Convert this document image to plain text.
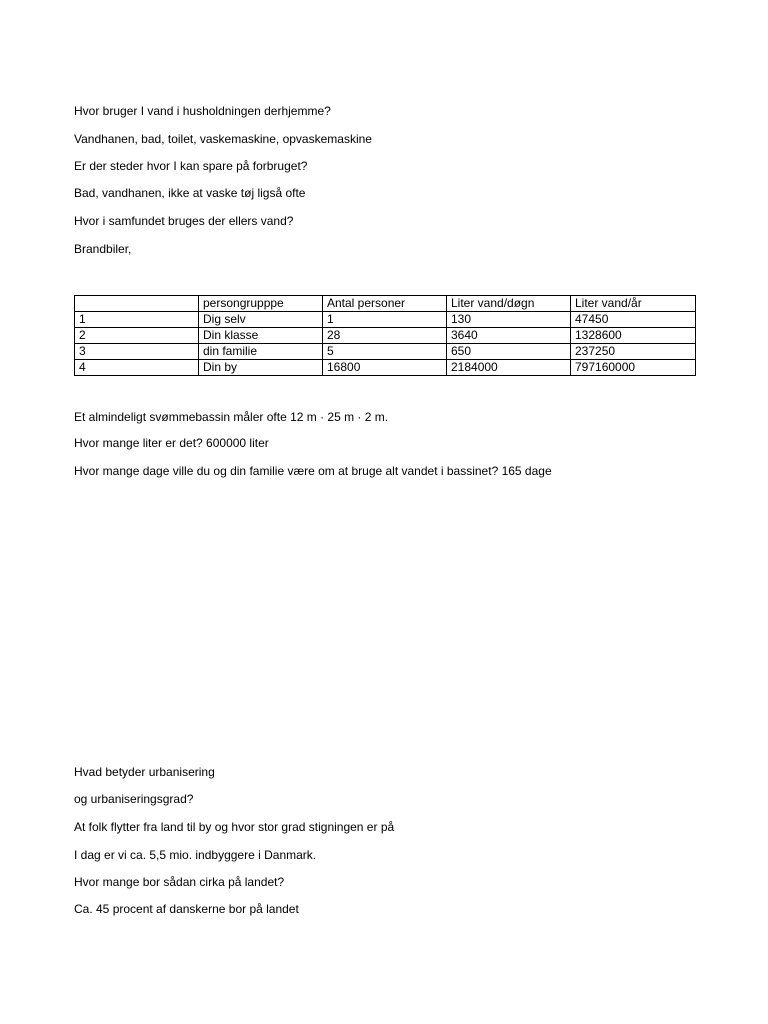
Hvor bruger I vand i husholdningen derhjemme?
Vandhanen, bad, toilet, vaskemaskine, opvaskemaskine
Er der steder hvor I kan spare på forbruget?
Bad, vandhanen, ikke at vaske tøj ligså ofte
Hvor i samfundet bruges der ellers vand?
Brandbiler,
	persongrupppe	Antal personer	Liter vand/døgn	Liter vand/år
1	Dig selv	1	130	47450
2	Din klasse	28	3640	1328600
3	din familie	5	650	237250
4	Din by	16800	2184000	797160000
Et almindeligt svømmebassin måler ofte 12 m · 25 m · 2 m.
Hvor mange liter er det? 600000 liter
Hvor mange dage ville du og din familie være om at bruge alt vandet i bassinet? 165 dage
Hvad betyder urbanisering
og urbaniseringsgrad?
At folk flytter fra land til by og hvor stor grad stigningen er på
I dag er vi ca. 5,5 mio. indbyggere i Danmark.
Hvor mange bor sådan cirka på landet?
Ca. 45 procent af danskerne bor på landet
